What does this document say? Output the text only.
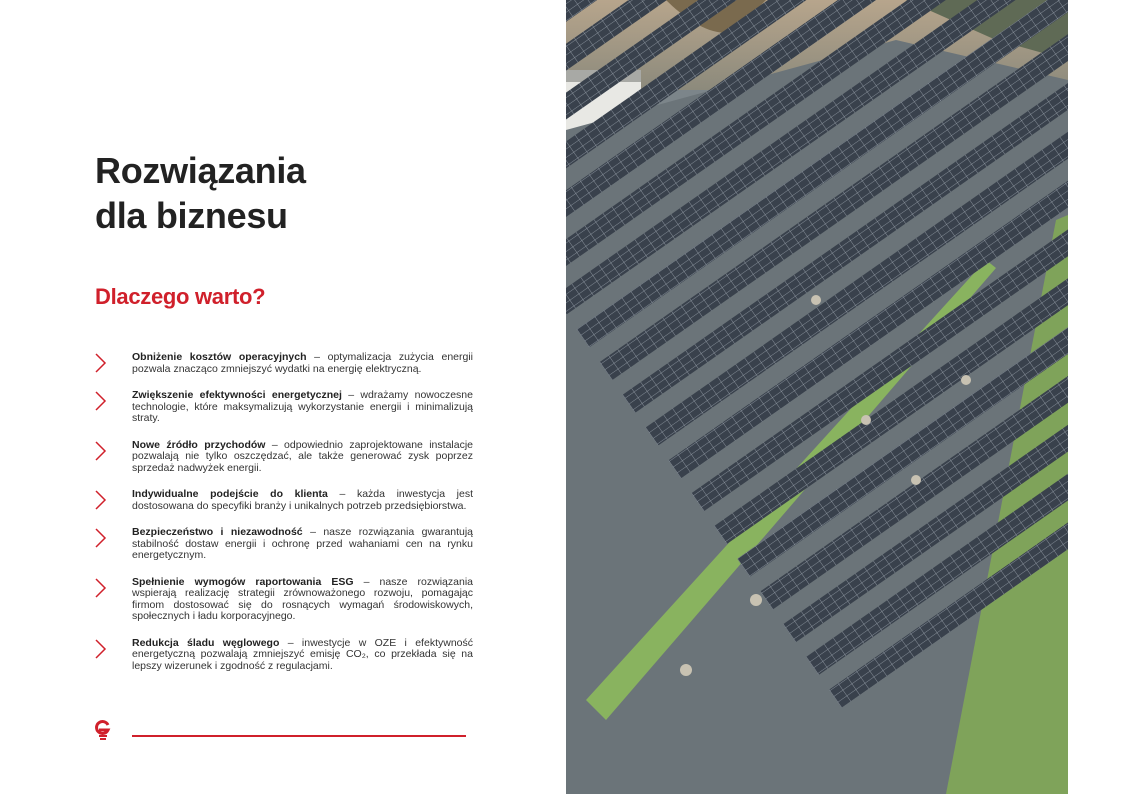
Rozwiązania
dla biznesu
Dlaczego warto?
Obniżenie kosztów operacyjnych – optymalizacja zużycia energii pozwala znacząco zmniejszyć wydatki na energię elektryczną.
Zwiększenie efektywności energetycznej – wdrażamy nowoczesne technologie, które maksymalizują wykorzystanie energii i minimalizują straty.
Nowe źródło przychodów – odpowiednio zaprojektowane instalacje pozwalają nie tylko oszczędzać, ale także generować zysk poprzez sprzedaż nadwyżek energii.
Indywidualne podejście do klienta – każda inwestycja jest dostosowana do specyfiki branży i unikalnych potrzeb przedsiębiorstwa.
Bezpieczeństwo i niezawodność – nasze rozwiązania gwarantują stabilność dostaw energii i ochronę przed wahaniami cen na rynku energetycznym.
Spełnienie wymogów raportowania ESG – nasze rozwiązania wspierają realizację strategii zrównoważonego rozwoju, pomagając firmom dostosować się do rosnących wymagań środowiskowych, społecznych i ładu korporacyjnego.
Redukcja śladu węglowego – inwestycje w OZE i efektywność energetyczną pozwalają zmniejszyć emisję CO₂, co przekłada się na lepszy wizerunek i zgodność z regulacjami.
